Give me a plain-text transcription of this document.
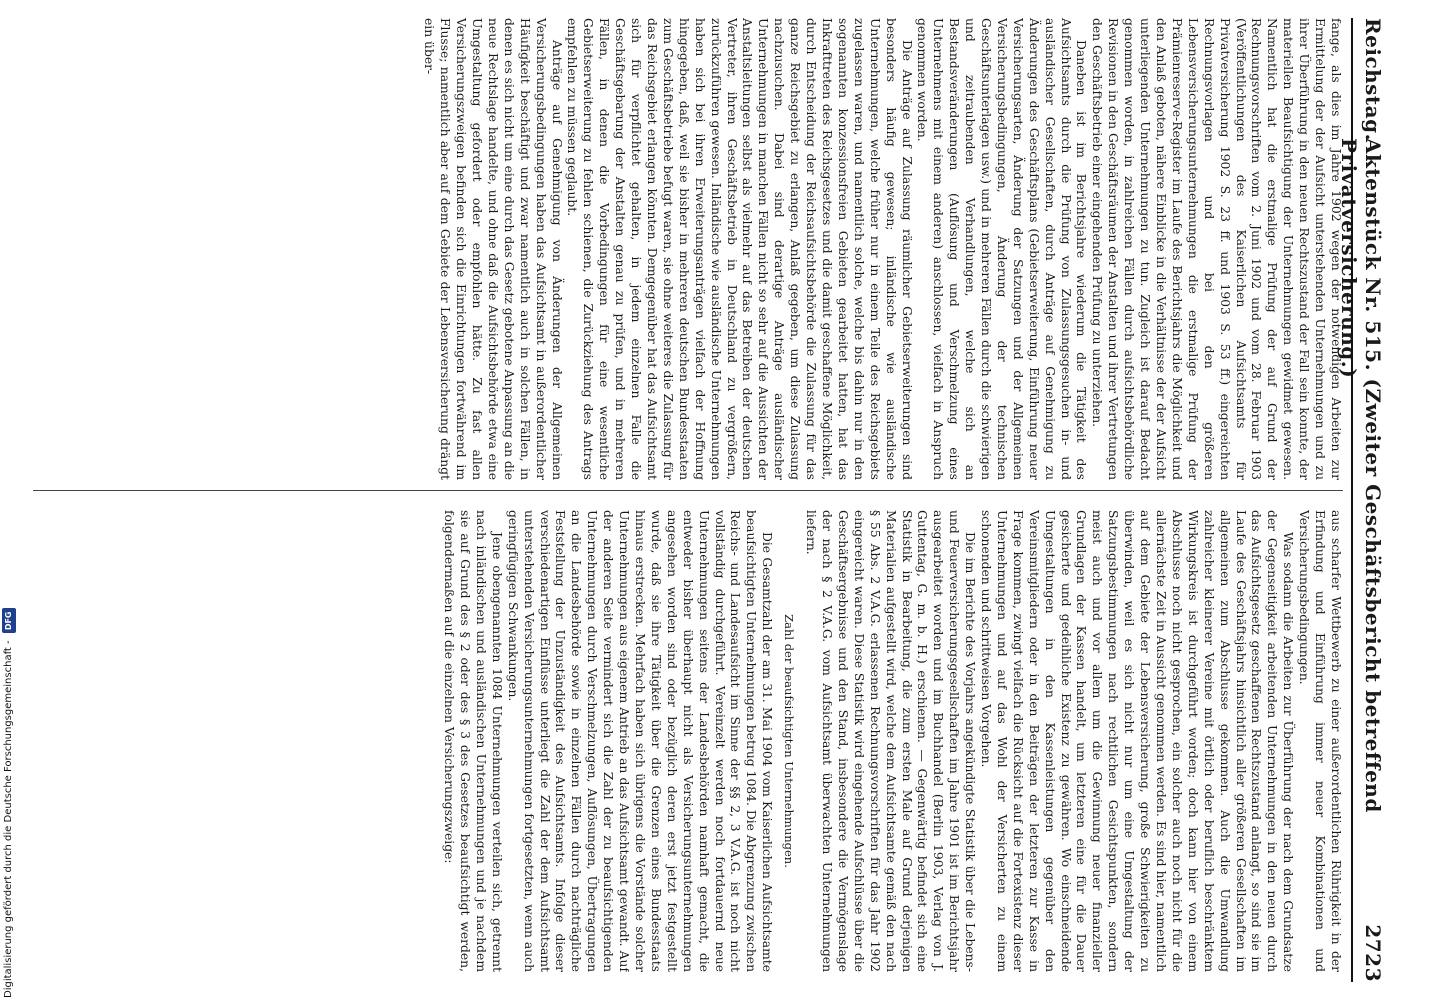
Reichstag.
Aktenstück Nr. 515. (Zweiter Geschäftsbericht betreffend Privatversicherung.)
2723

fange, als dies im Jahre 1902 wegen der notwendigen Arbeiten zur Ermittelung der der Aufsicht unterstehenden Unternehmungen und zu ihrer Überführung in den neuen Rechtszustand der Fall sein konnte, der materiellen Beaufsichtigung der Unternehmungen gewidmet gewesen. Namentlich hat die erstmalige Prüfung der auf Grund der Rechnungsvorschriften vom 2. Juni 1902 und vom 28. Februar 1903 (Veröffentlichungen des Kaiserlichen Aufsichtsamts für Privatversicherung 1902 S. 23 ff. und 1903 S. 53 ff.) eingereichten Rechnungsvorlagen und bei den größeren Lebensversicherungsunternehmungen die erstmalige Prüfung der Prämienreserve-Register im Laufe des Berichtsjahrs die Möglichkeit und den Anlaß geboten, nähere Einblicke in die Verhältnisse der der Aufsicht unterliegenden Unternehmungen zu tun. Zugleich ist darauf Bedacht genommen worden, in zahlreichen Fällen durch aufsichtsbehördliche Revisionen in den Geschäftsräumen der Anstalten und ihrer Vertretungen den Geschäftsbetrieb einer eingehenden Prüfung zu unterziehen.

Daneben ist im Berichtsjahre wiederum die Tätigkeit des Aufsichtsamts durch die Prüfung von Zulassungsgesuchen in- und ausländischer Gesellschaften, durch Anträge auf Genehmigung zu Änderungen des Geschäftsplans (Gebietserweiterung, Einführung neuer Versicherungsarten, Änderung der Satzungen und der Allgemeinen Versicherungsbedingungen, Änderung der technischen Geschäftsunterlagen usw.) und in mehreren Fällen durch die schwierigen und zeitraubenden Verhandlungen, welche sich an Bestandsveränderungen (Auflösung und Verschmelzung eines Unternehmens mit einem anderen) anschlossen, vielfach in Anspruch genommen worden.

Die Anträge auf Zulassung räumlicher Gebietserweiterungen sind besonders häufig gewesen; inländische wie ausländische Unternehmungen, welche früher nur in einem Teile des Reichsgebiets zugelassen waren, und namentlich solche, welche bis dahin nur in den sogenannten konzessionsfreien Gebieten gearbeitet hatten, hat das Inkrafttreten des Reichsgesetzes und die damit geschaffene Möglichkeit, durch Entscheidung der Reichsaufsichtsbehörde die Zulassung für das ganze Reichsgebiet zu erlangen, Anlaß gegeben, um diese Zulassung nachzusuchen. Dabei sind derartige Anträge ausländischer Unternehmungen in manchen Fällen nicht so sehr auf die Aussichten der Anstaltsleitungen selbst als vielmehr auf das Betreiben der deutschen Vertreter, ihren Geschäftsbetrieb in Deutschland zu vergrößern, zurückzuführen gewesen. Inländische wie ausländische Unternehmungen haben sich bei ihren Erweiterungsanträgen vielfach der Hoffnung hingegeben, daß, weil sie bisher in mehreren deutschen Bundesstaaten zum Geschäftsbetriebe befugt waren, sie ohne weiteres die Zulassung für das Reichsgebiet erlangen könnten. Demgegenüber hat das Aufsichtsamt sich für verpflichtet gehalten, in jedem einzelnen Falle die Geschäftsgebarung der Anstalten genau zu prüfen, und in mehreren Fällen, in denen die Vorbedingungen für eine wesentliche Gebietserweiterung zu fehlen schienen, die Zurückziehung des Antrags empfehlen zu müssen geglaubt.

Anträge auf Genehmigung von Änderungen der Allgemeinen Versicherungsbedingungen haben das Aufsichtsamt in außerordentlicher Häufigkeit beschäftigt und zwar namentlich auch in solchen Fällen, in denen es sich nicht um eine durch das Gesetz gebotene Anpassung an die neue Rechtslage handelte, und ohne daß die Aufsichtsbehörde etwa eine Umgestaltung gefordert oder empfohlen hätte. Zu fast allen Versicherungszweigen befinden sich die Einrichtungen fortwährend im Flusse; namentlich aber auf dem Gebiete der Lebensversicherung drängt ein über-

aus scharfer Wettbewerb zu einer außerordentlichen Rührigkeit in der Erfindung und Einführung immer neuer Kombinationen und Versicherungsbedingungen.

Was sodann die Arbeiten zur Überführung der nach dem Grundsatze der Gegenseitigkeit arbeitenden Unternehmungen in den neuen durch das Aufsichtsgesetz geschaffenen Rechtszustand anlangt, so sind sie im Laufe des Geschäftsjahrs hinsichtlich aller größeren Gesellschaften im allgemeinen zum Abschlusse gekommen. Auch die Umwandlung zahlreicher kleinerer Vereine mit örtlich oder beruflich beschränktem Wirkungskreis ist durchgeführt worden; doch kann hier von einem Abschlusse noch nicht gesprochen, ein solcher auch noch nicht für die allernächste Zeit in Aussicht genommen werden. Es sind hier, namentlich auf dem Gebiete der Lebensversicherung, große Schwierigkeiten zu überwinden, weil es sich nicht nur um eine Umgestaltung der Satzungsbestimmungen nach rechtlichen Gesichtspunkten, sondern meist auch und vor allem um die Gewinnung neuer finanzieller Grundlagen der Kassen handelt, um letzteren eine für die Dauer gesicherte und gedeihliche Existenz zu gewähren. Wo einschneidende Umgestaltungen in den Kassenleistungen gegenüber den Vereinsmitgliedern oder in den Beiträgen der letzteren zur Kasse in Frage kommen, zwingt vielfach die Rücksicht auf die Fortexistenz dieser Unternehmungen und auf das Wohl der Versicherten zu einem schonenden und schrittweisen Vorgehen.

Die im Berichte des Vorjahrs angekündigte Statistik über die Lebens- und Feuerversicherungsgesellschaften im Jahre 1901 ist im Berichtsjahr ausgearbeitet worden und im Buchhandel (Berlin 1903, Verlag von J. Guttentag, G. m. b. H.) erschienen. — Gegenwärtig befindet sich eine Statistik in Bearbeitung, die zum ersten Male auf Grund derjenigen Materialien aufgestellt wird, welche dem Aufsichtsamte gemäß den nach § 55 Abs. 2 V.A.G. erlassenen Rechnungsvorschriften für das Jahr 1902 eingereicht waren. Diese Statistik wird eingehende Aufschlüsse über die Geschäftsergebnisse und den Stand, insbesondere die Vermögenslage der nach § 2 V.A.G. vom Aufsichtsamt überwachten Unternehmungen liefern.

Zahl der beaufsichtigten Unternehmungen.

Die Gesamtzahl der am 31. Mai 1904 vom Kaiserlichen Aufsichtsamte beaufsichtigten Unternehmungen betrug 1084. Die Abgrenzung zwischen Reichs- und Landesaufsicht im Sinne der §§ 2, 3 V.A.G. ist noch nicht vollständig durchgeführt. Vereinzelt werden noch fortdauernd neue Unternehmungen seitens der Landesbehörden namhaft gemacht, die entweder bisher überhaupt nicht als Versicherungsunternehmungen angesehen worden sind oder bezüglich deren erst jetzt festgestellt wurde, daß sie ihre Tätigkeit über die Grenzen eines Bundesstaats hinaus erstrecken. Mehrfach haben sich übrigens die Vorstände solcher Unternehmungen aus eigenem Antrieb an das Aufsichtsamt gewandt. Auf der anderen Seite vermindert sich die Zahl der zu beaufsichtigenden Unternehmungen durch Verschmelzungen, Auflösungen, Übertragungen an die Landesbehörde sowie in einzelnen Fällen durch nachträgliche Feststellung der Unzuständigkeit des Aufsichtsamts. Infolge dieser verschiedenartigen Einflüsse unterliegt die Zahl der dem Aufsichtsamt unterstehenden Versicherungsunternehmungen fortgesetzten, wenn auch geringfügigen Schwankungen.

Jene obengenannten 1084 Unternehmungen verteilen sich, getrennt nach inländischen und ausländischen Unternehmungen und je nachdem sie auf Grund des § 2 oder des § 3 des Gesetzes beaufsichtigt werden, folgendermaßen auf die einzelnen Versicherungszweige:

Digitalisierung gefördert durch die Deutsche Forschungsgemeinschaft - DFG
